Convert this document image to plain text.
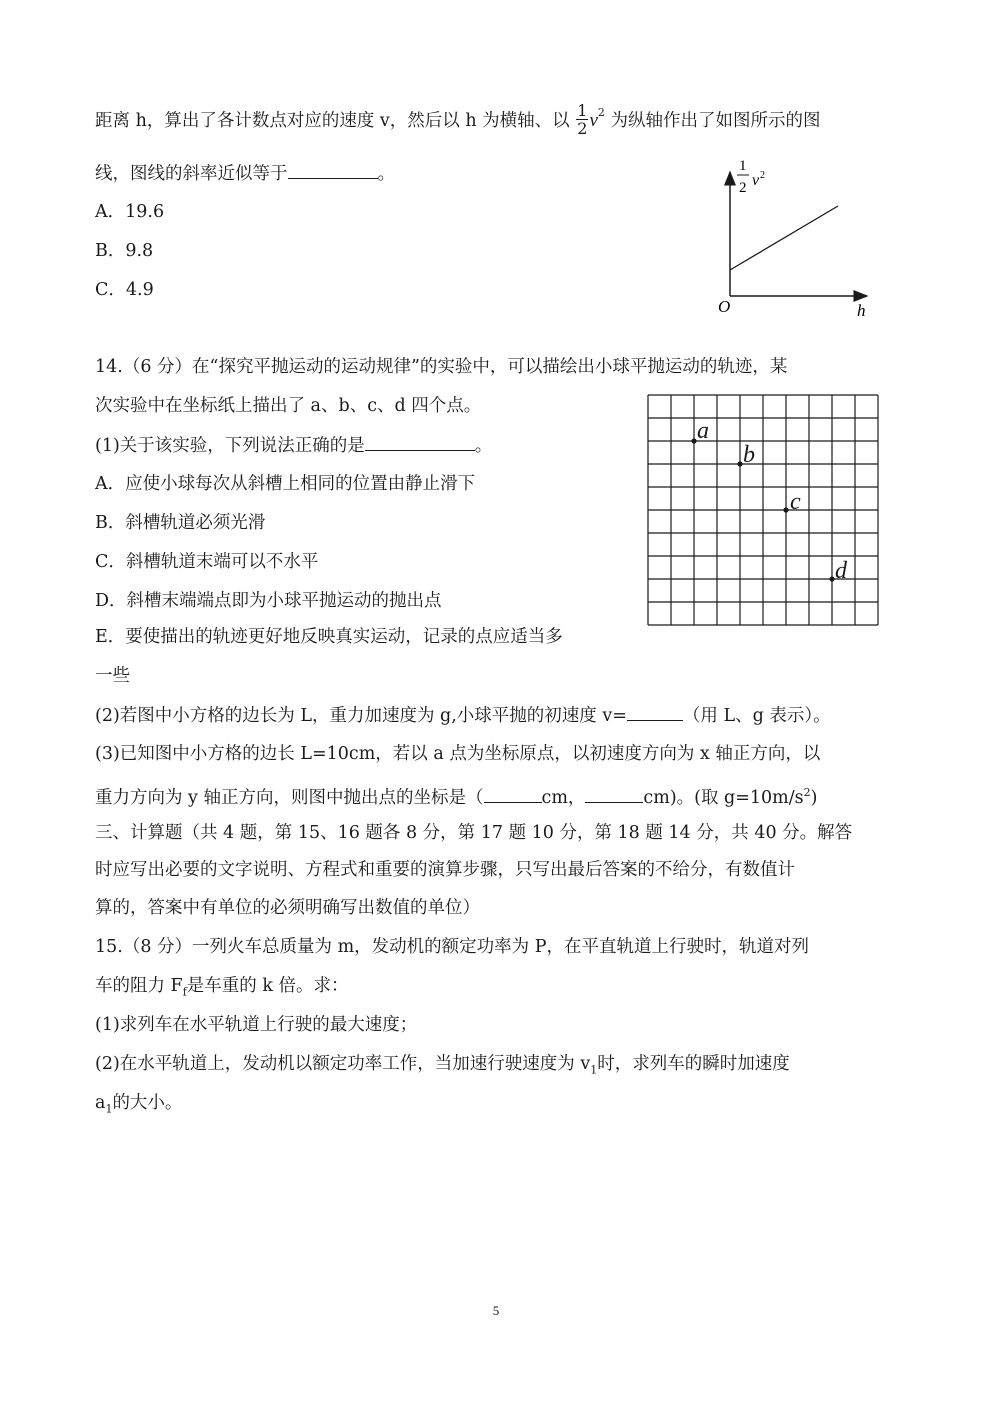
距离 h，算出了各计数点对应的速度 v，然后以 h 为横轴、以 $\frac{1}{2} v^2$ 为纵轴作出了如图所示的图
线，图线的斜率近似等于	。
A．19.6
B．9.8
C．4.9
1
2 v 2
O	h
14.（6 分）在“探究平抛运动的运动规律”的实验中，可以描绘出小球平抛运动的轨迹，某
次实验中在坐标纸上描出了 a、b、c、d 四个点。
(1)关于该实验，下列说法正确的是	。
A．应使小球每次从斜槽上相同的位置由静止滑下
B．斜槽轨道必须光滑
C．斜槽轨道末端可以不水平
D．斜槽末端端点即为小球平抛运动的抛出点
E．要使描出的轨迹更好地反映真实运动，记录的点应适当多
一些
a
b
c
d
(2)若图中小方格的边长为 L，重力加速度为 g,小球平抛的初速度 v=	（用 L、g 表示）。
(3)已知图中小方格的边长 L=10cm，若以 a 点为坐标原点，以初速度方向为 x 轴正方向，以
重力方向为 y 轴正方向，则图中抛出点的坐标是（	cm，	cm)。(取 $g=10m/s^2$)
三、计算题（共 4 题，第 15、16 题各 8 分，第 17 题 10 分，第 18 题 14 分，共 40 分。解答
时应写出必要的文字说明、方程式和重要的演算步骤，只写出最后答案的不给分，有数值计
算的，答案中有单位的必须明确写出数值的单位）
15.（8 分）一列火车总质量为 m，发动机的额定功率为 P，在平直轨道上行驶时，轨道对列
车的阻力 $F_f$是车重的 k 倍。求：
(1)求列车在水平轨道上行驶的最大速度；
(2)在水平轨道上，发动机以额定功率工作，当加速行驶速度为 $v_1$时，求列车的瞬时加速度
$a_1$的大小。
5
